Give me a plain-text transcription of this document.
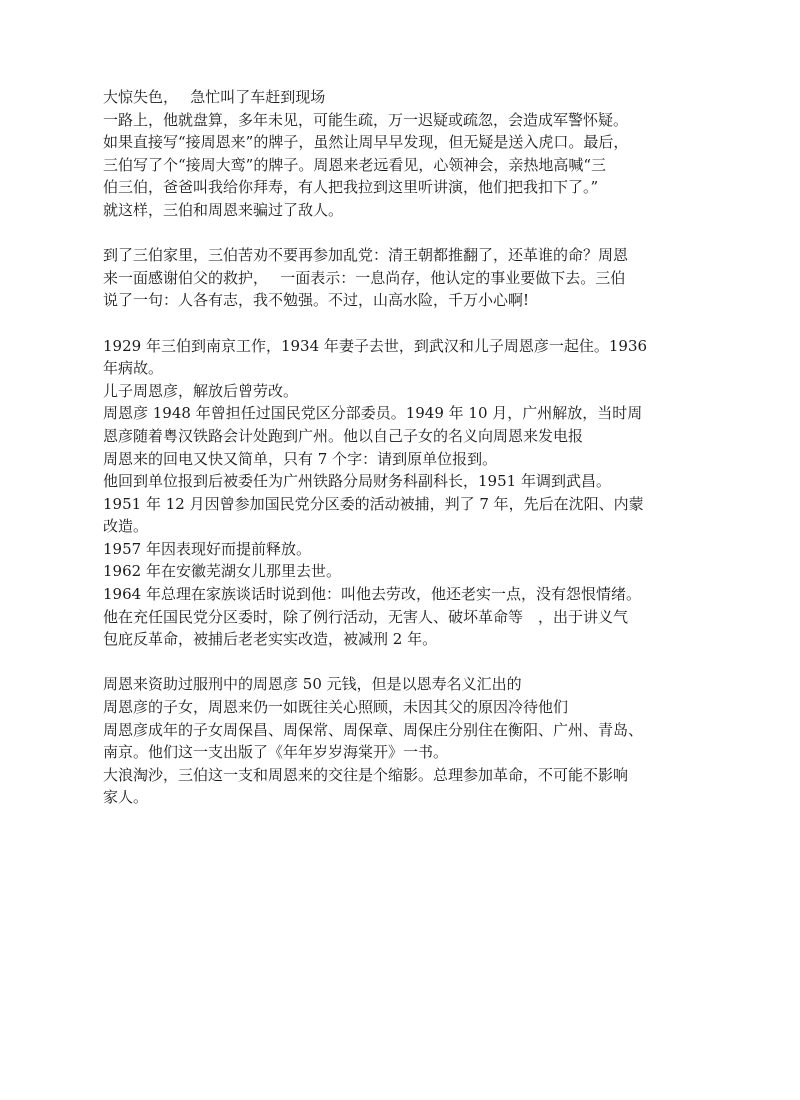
大惊失色，　 急忙叫了车赶到现场
一路上，他就盘算，多年未见，可能生疏，万一迟疑或疏忽，会造成军警怀疑。
如果直接写“接周恩来”的牌子，虽然让周早早发现，但无疑是送入虎口。最后，
三伯写了个“接周大鸾”的牌子。周恩来老远看见，心领神会，亲热地高喊“三
伯三伯，爸爸叫我给你拜寿，有人把我拉到这里听讲演，他们把我扣下了。”
就这样，三伯和周恩来骗过了敌人。
到了三伯家里，三伯苦劝不要再参加乱党：清王朝都推翻了，还革谁的命？周恩
来一面感谢伯父的救护，　 一面表示：一息尚存，他认定的事业要做下去。三伯
说了一句：人各有志，我不勉强。不过，山高水险，千万小心啊!
1929 年三伯到南京工作，1934 年妻子去世，到武汉和儿子周恩彦一起住。1936
年病故。
儿子周恩彦，解放后曾劳改。
周恩彦 1948 年曾担任过国民党区分部委员。1949 年 10 月，广州解放，当时周
恩彦随着粤汉铁路会计处跑到广州。他以自己子女的名义向周恩来发电报
周恩来的回电又快又简单，只有 7 个字：请到原单位报到。
他回到单位报到后被委任为广州铁路分局财务科副科长，1951 年调到武昌。
1951 年 12 月因曾参加国民党分区委的活动被捕，判了 7 年，先后在沈阳、内蒙
改造。
1957 年因表现好而提前释放。
1962 年在安徽芜湖女儿那里去世。
1964 年总理在家族谈话时说到他：叫他去劳改，他还老实一点，没有怨恨情绪。
他在充任国民党分区委时，除了例行活动，无害人、破坏革命等　，出于讲义气
包庇反革命，被捕后老老实实改造，被减刑 2 年。
周恩来资助过服刑中的周恩彦 50 元钱，但是以恩寿名义汇出的
周恩彦的子女，周恩来仍一如既往关心照顾，未因其父的原因冷待他们
周恩彦成年的子女周保昌、周保常、周保章、周保庄分别住在衡阳、广州、青岛、
南京。他们这一支出版了《年年岁岁海棠开》一书。
大浪淘沙，三伯这一支和周恩来的交往是个缩影。总理参加革命，不可能不影响
家人。
